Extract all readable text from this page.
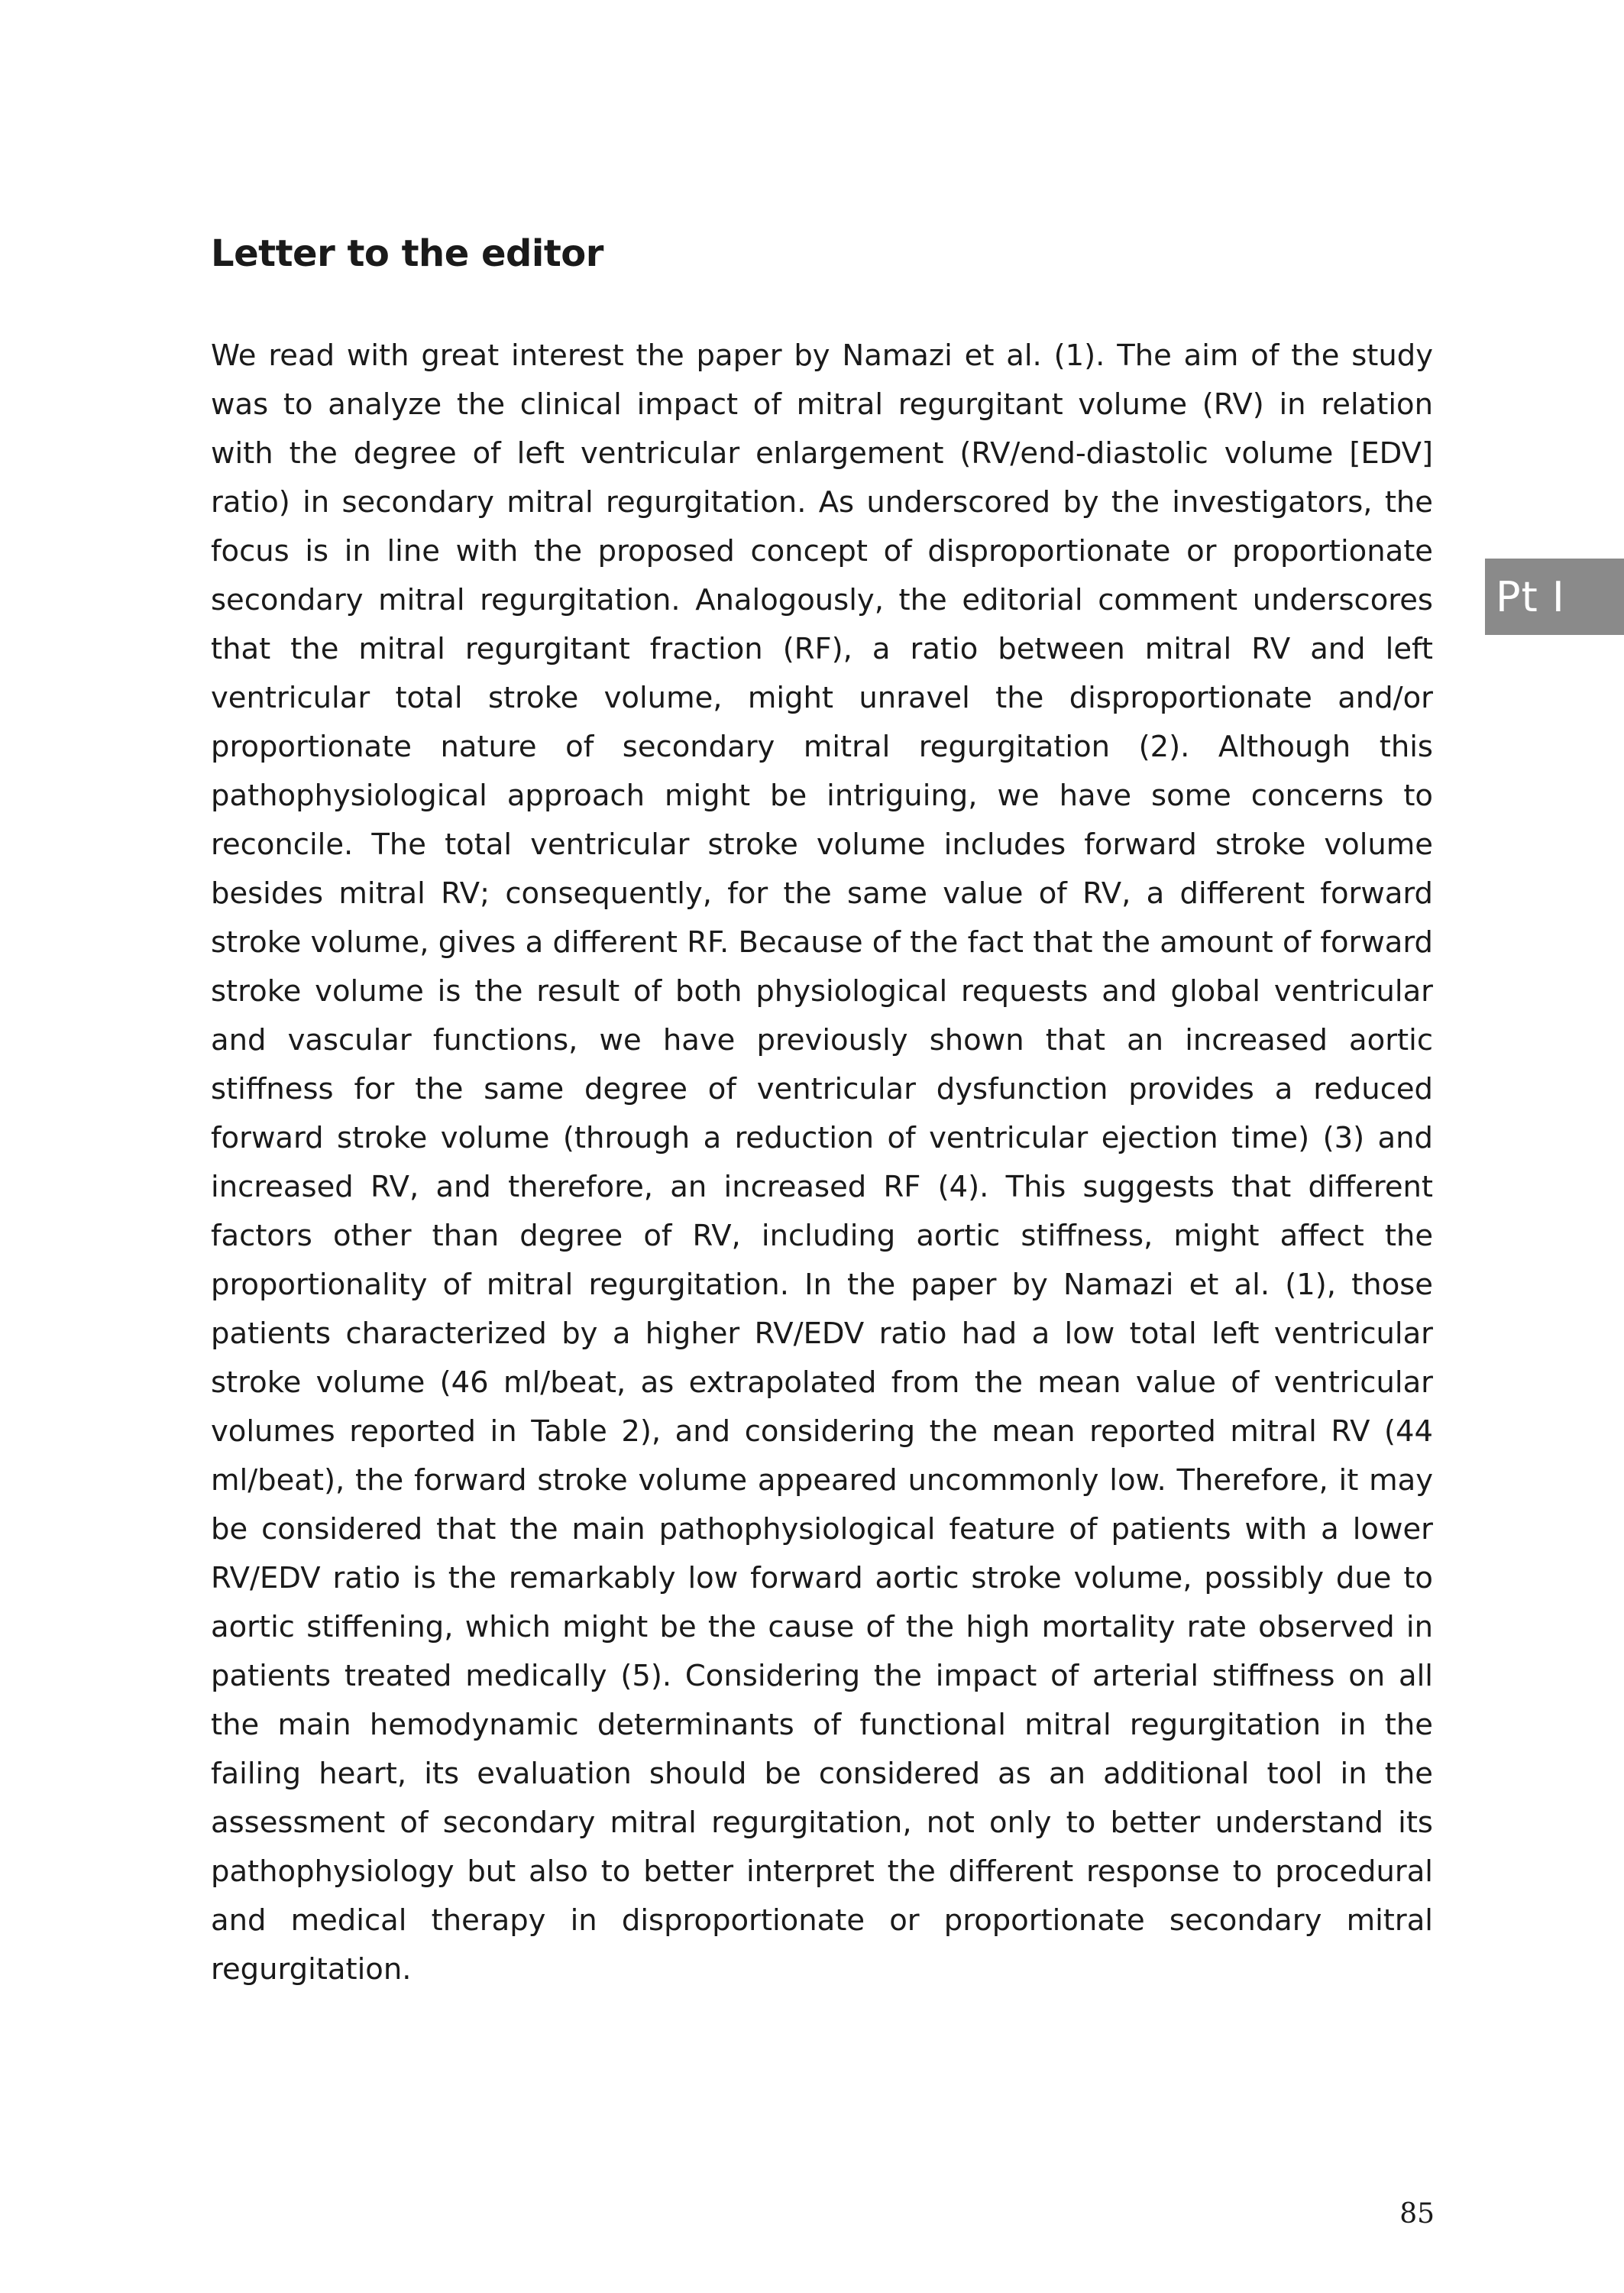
Letter to the editor

We read with great interest the paper by Namazi et al. (1). The aim of the study was to analyze the clinical impact of mitral regurgitant volume (RV) in relation with the degree of left ventricular enlargement (RV/end-diastolic volume [EDV] ratio) in secondary mitral regurgitation. As underscored by the investigators, the focus is in line with the proposed concept of disproportionate or proportionate secondary mitral regurgitation. Analogously, the editorial comment underscores that the mitral regurgitant fraction (RF), a ratio between mitral RV and left ventricular total stroke volume, might unravel the disproportionate and/or proportionate nature of secondary mitral regurgitation (2). Although this pathophysiological approach might be intriguing, we have some concerns to reconcile. The total ventricular stroke volume includes forward stroke volume besides mitral RV; consequently, for the same value of RV, a different forward stroke volume, gives a different RF. Because of the fact that the amount of forward stroke volume is the result of both physiological requests and global ventricular and vascular functions, we have previously shown that an increased aortic stiffness for the same degree of ventricular dysfunction provides a reduced forward stroke volume (through a reduction of ventricular ejection time) (3) and increased RV, and therefore, an increased RF (4). This suggests that different factors other than degree of RV, including aortic stiffness, might affect the proportionality of mitral regurgitation. In the paper by Namazi et al. (1), those patients characterized by a higher RV/EDV ratio had a low total left ventricular stroke volume (46 ml/beat, as extrapolated from the mean value of ventricular volumes reported in Table 2), and considering the mean reported mitral RV (44 ml/beat), the forward stroke volume appeared uncommonly low. Therefore, it may be considered that the main pathophysiological feature of patients with a lower RV/EDV ratio is the remarkably low forward aortic stroke volume, possibly due to aortic stiffening, which might be the cause of the high mortality rate observed in patients treated medically (5). Considering the impact of arterial stiffness on all the main hemodynamic determinants of functional mitral regurgitation in the failing heart, its evaluation should be considered as an additional tool in the assessment of secondary mitral regurgitation, not only to better understand its pathophysiology but also to better interpret the different response to procedural and medical therapy in disproportionate or proportionate secondary mitral regurgitation.

Pt I
85
